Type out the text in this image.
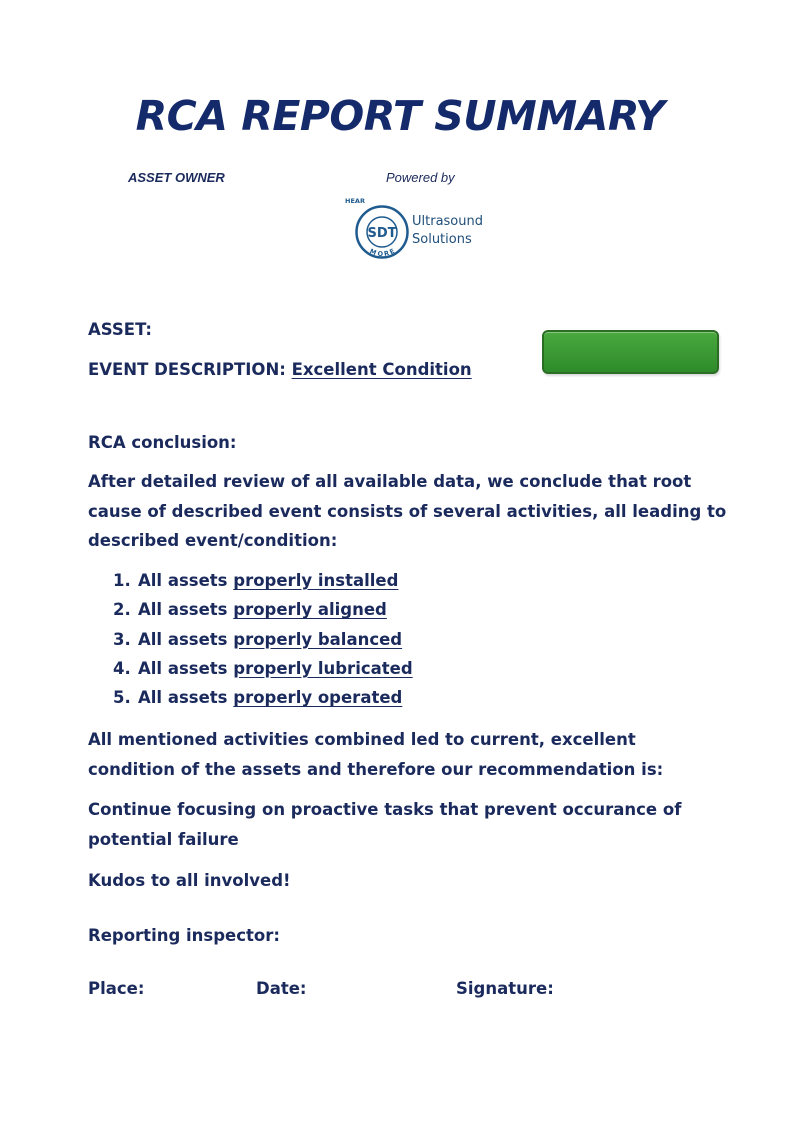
RCA REPORT SUMMARY
ASSET OWNER	Powered by
HEAR
SDT
MORE
Ultrasound
Solutions
ASSET:
EVENT DESCRIPTION: Excellent Condition
RCA conclusion:
After detailed review of all available data, we conclude that root cause of described event consists of several activities, all leading to described event/condition:
1. All assets properly installed
2. All assets properly aligned
3. All assets properly balanced
4. All assets properly lubricated
5. All assets properly operated
All mentioned activities combined led to current, excellent condition of the assets and therefore our recommendation is:
Continue focusing on proactive tasks that prevent occurance of potential failure
Kudos to all involved!
Reporting inspector:
Place:	Date:	Signature:
